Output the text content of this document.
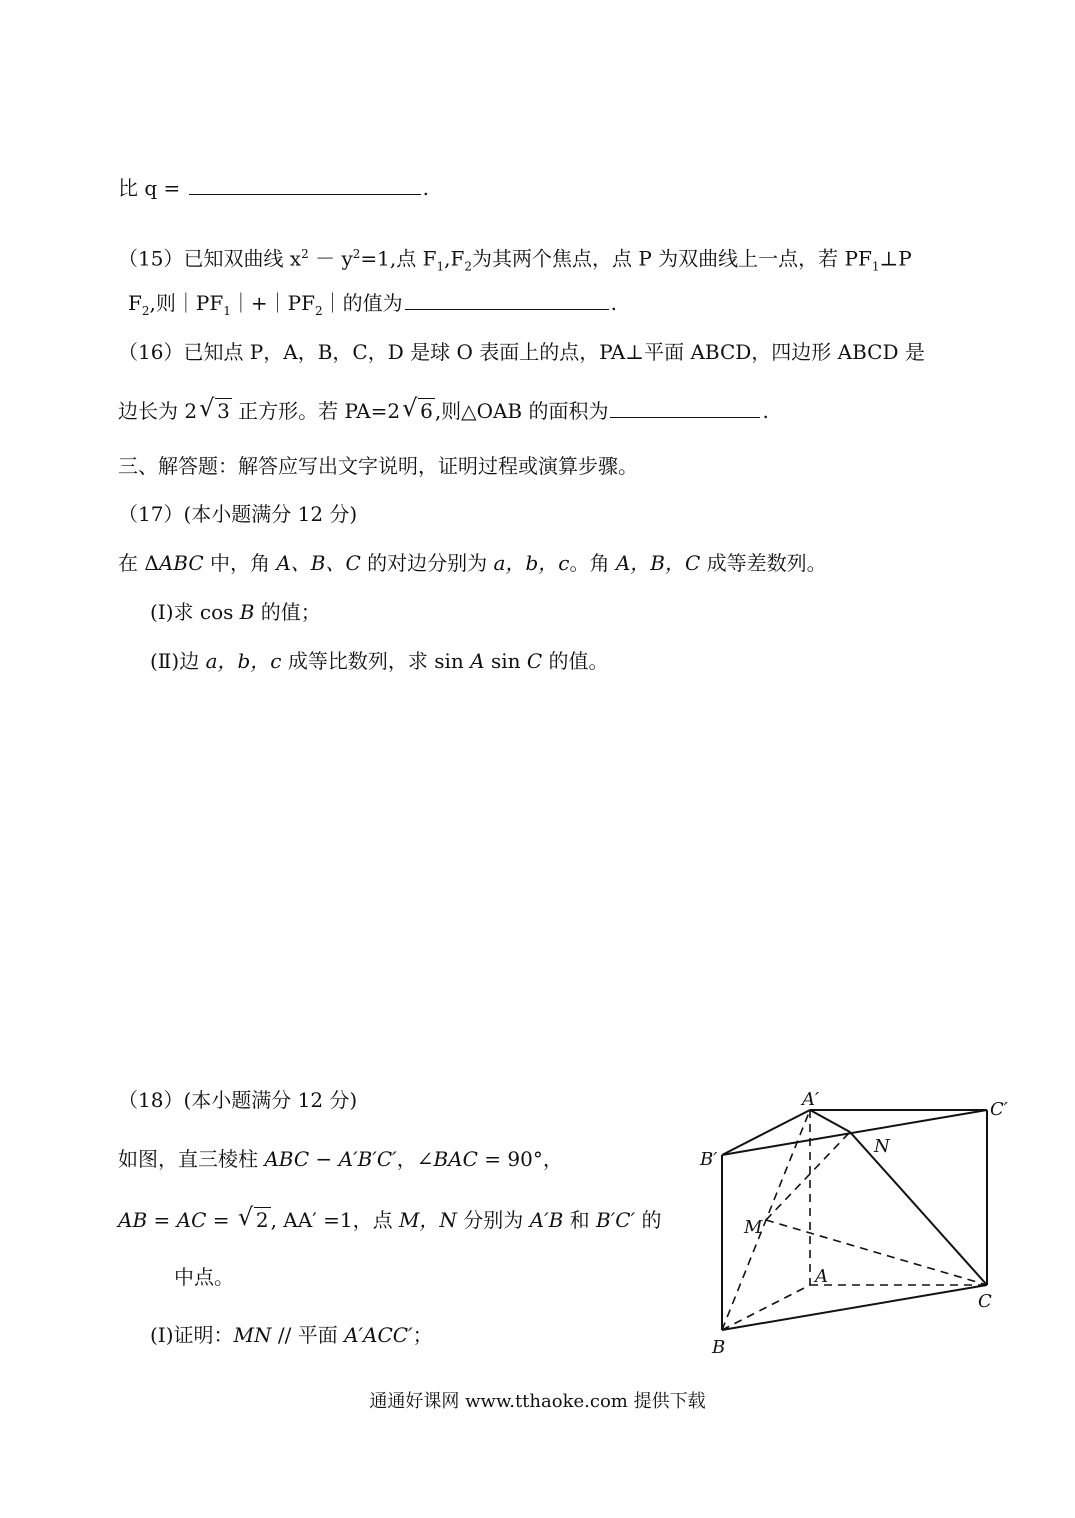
比 q =	.
（15）已知双曲线 $x^2 - y^2=1$,点 $F_1,F_2$为其两个焦点，点 P 为双曲线上一点，若 $PF_1\perp P$
$F_2$,则$|PF_1|+|PF_2|$的值为	.
（16）已知点 P，A，B，C，D 是球 O 表面上的点，PA⊥平面 ABCD，四边形 ABCD 是
边长为 2 √ 3 正方形。若 PA=2 √ 6 ,则△OAB 的面积为	.
三、解答题：解答应写出文字说明，证明过程或演算步骤。
（17）(本小题满分 12 分)
在 ΔABC 中，角 A、B、C 的对边分别为 a，b，c。角 A，B，C 成等差数列。
(Ⅰ)求 cos B 的值；
(Ⅱ)边 a，b，c 成等比数列，求 sin A sin C 的值。
（18）(本小题满分 12 分)
如图，直三棱柱 ABC − A′B′C′，∠BAC = 90°，
AB = AC = √ 2 , AA′ =1，点 M，N 分别为 A′B 和 B′C′ 的
中点。
(Ⅰ)证明：MN // 平面 A′ACC′；
A′
B′
C′
N
M
A
B
C
通通好课网 www.tthaoke.com 提供下载
